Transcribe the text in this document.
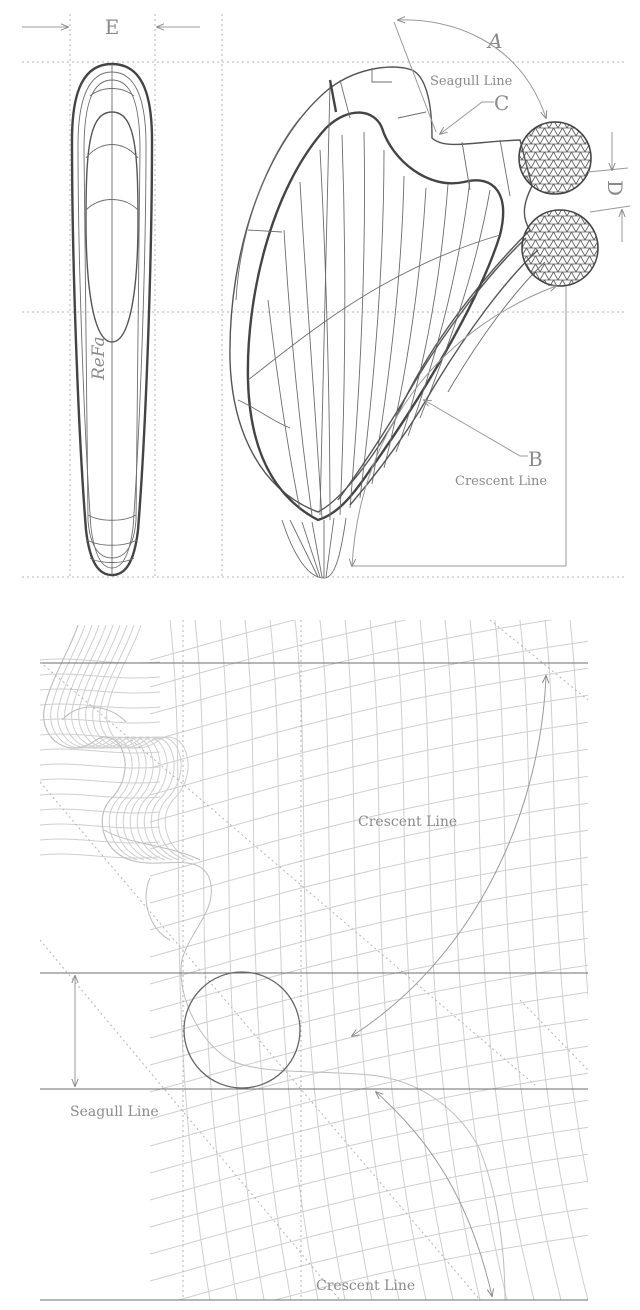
E
ReFa
A
Seagull Line
C
D
B
Crescent Line
Crescent Line
Seagull Line
Crescent Line
